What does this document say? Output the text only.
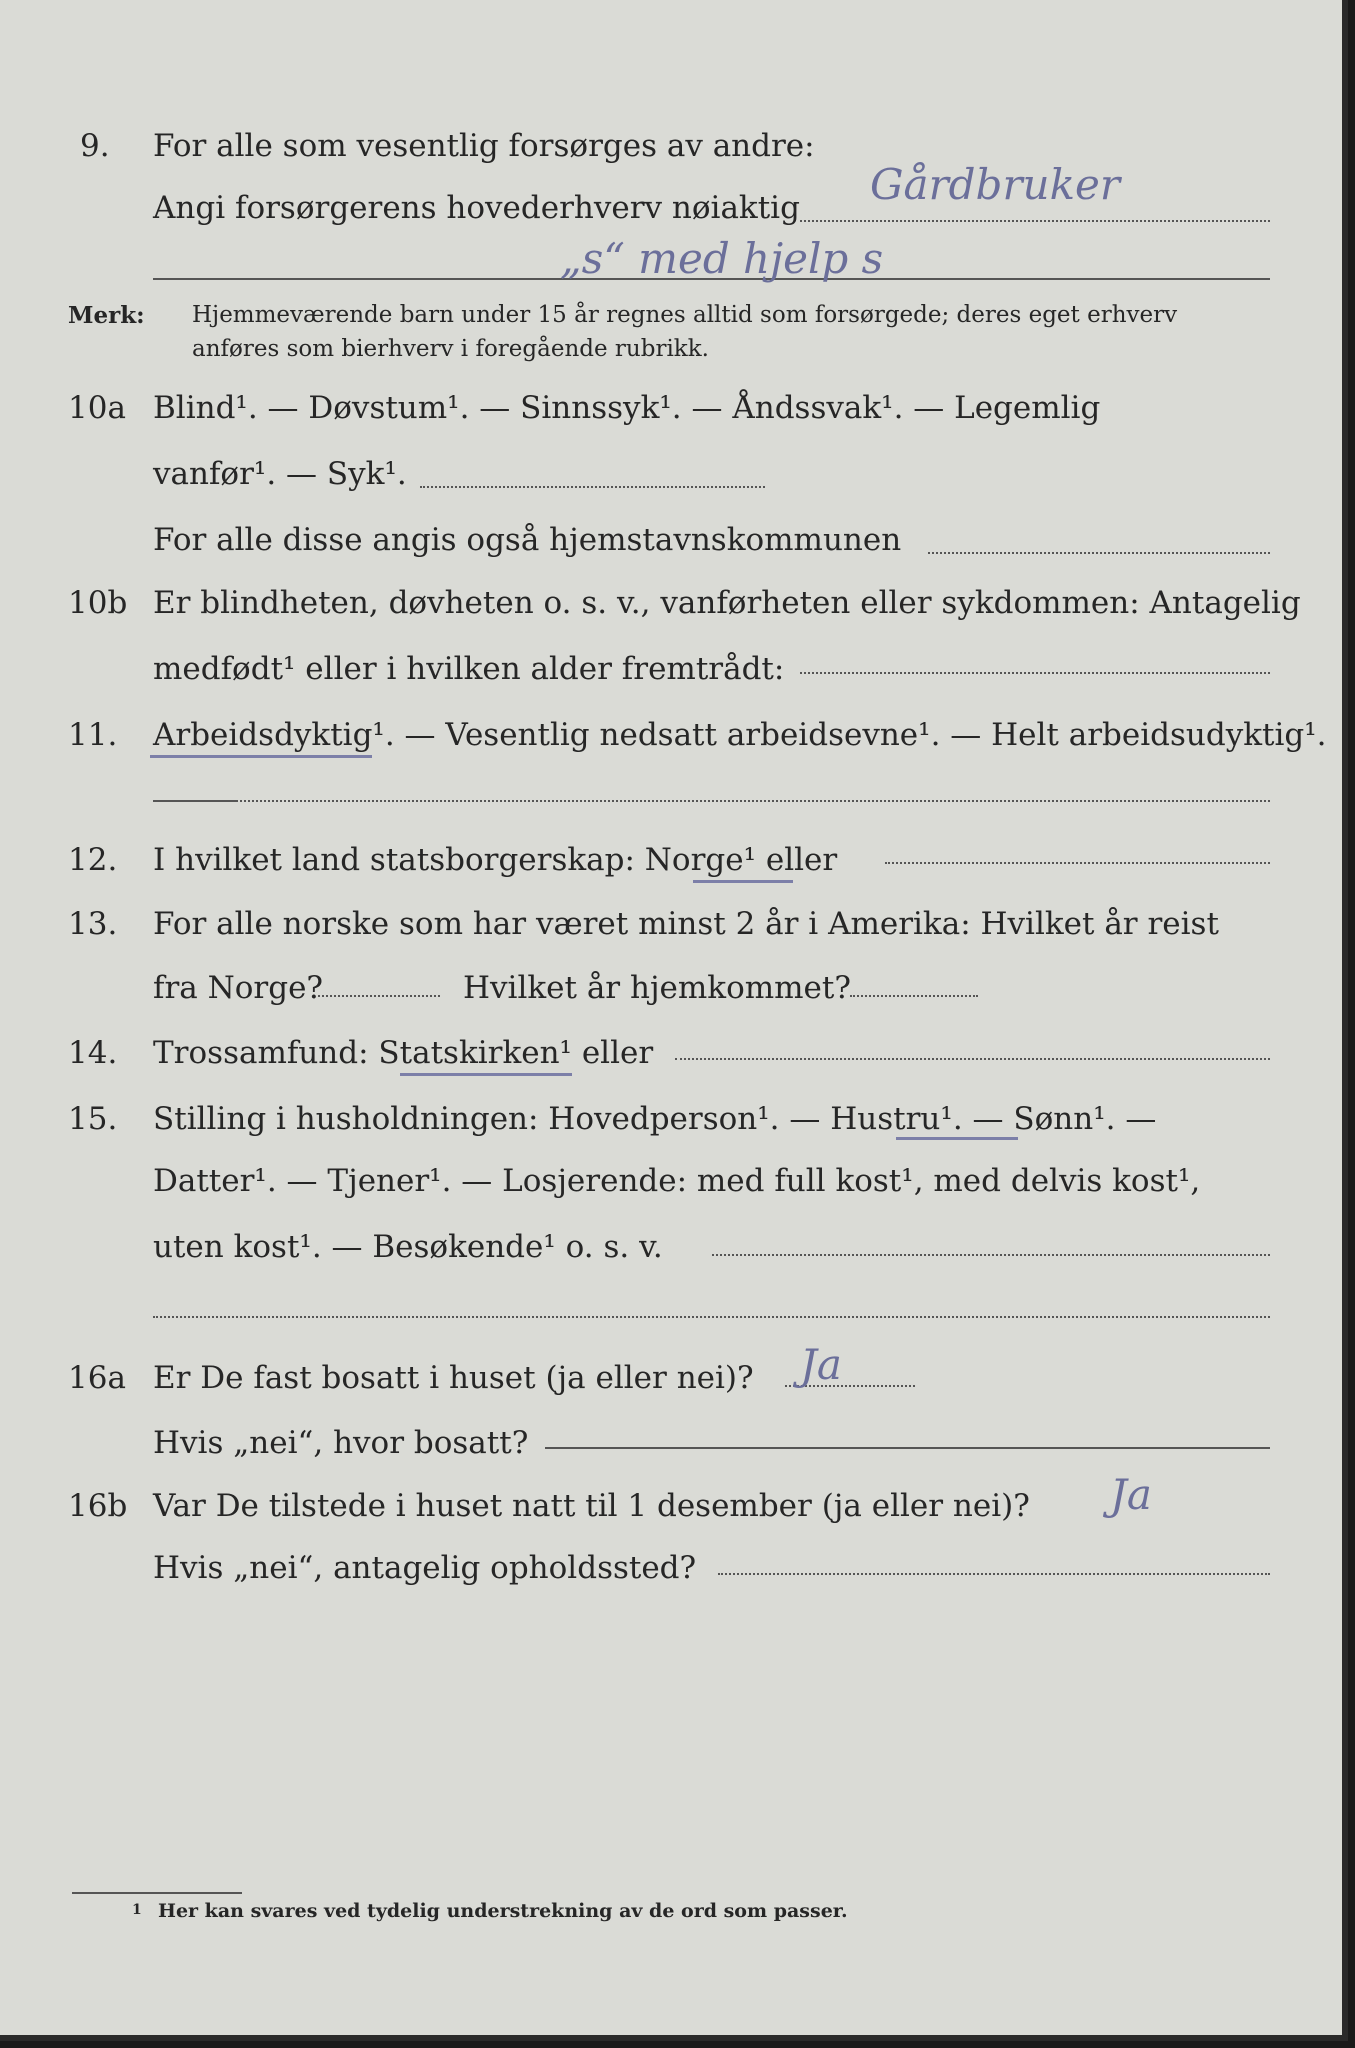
9. For alle som vesentlig forsørges av andre:
Angi forsørgerens hovederhverv nøiaktig Gårdbruker
„s“ med hjelp s
Merk: Hjemmeværende barn under 15 år regnes alltid som forsørgede; deres eget erhverv
anføres som bierhverv i foregående rubrikk.
10a Blind¹. — Døvstum¹. — Sinnssyk¹. — Åndssvak¹. — Legemlig
vanfør¹. — Syk¹.
For alle disse angis også hjemstavnskommunen
10b Er blindheten, døvheten o. s. v., vanførheten eller sykdommen: Antagelig
medfødt¹ eller i hvilken alder fremtrådt:
11. Arbeidsdyktig¹. — Vesentlig nedsatt arbeidsevne¹. — Helt arbeidsudyktig¹.
12. I hvilket land statsborgerskap: Norge¹ eller
13. For alle norske som har været minst 2 år i Amerika: Hvilket år reist
fra Norge?	Hvilket år hjemkommet?
14. Trossamfund: Statskirken¹ eller
15. Stilling i husholdningen: Hovedperson¹. — Hustru¹. — Sønn¹. —
Datter¹. — Tjener¹. — Losjerende: med full kost¹, med delvis kost¹,
uten kost¹. — Besøkende¹ o. s. v.
16a Er De fast bosatt i huset (ja eller nei)? Ja
Hvis „nei“, hvor bosatt?
16b Var De tilstede i huset natt til 1 desember (ja eller nei)? Ja
Hvis „nei“, antagelig opholdssted?
1 Her kan svares ved tydelig understrekning av de ord som passer.
